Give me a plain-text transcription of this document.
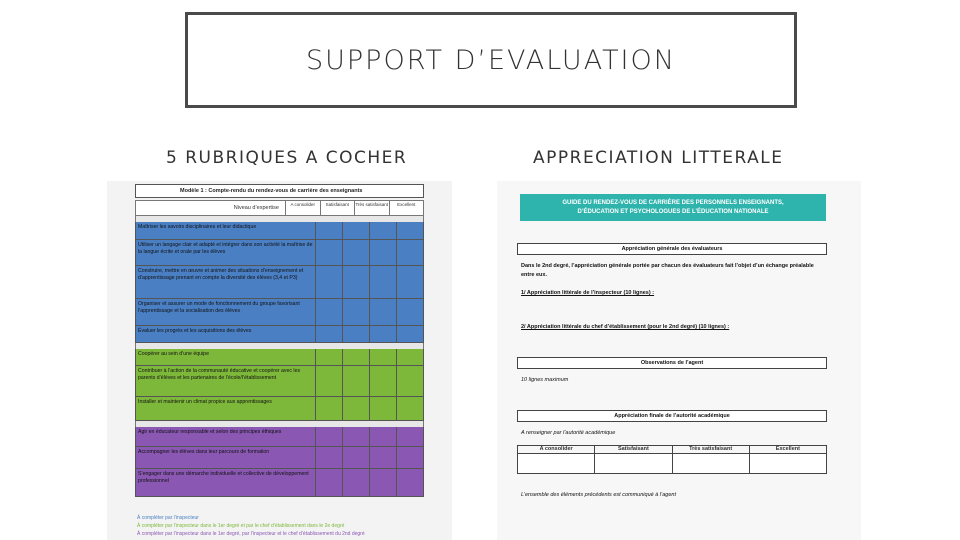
SUPPORT D’EVALUATION
5 RUBRIQUES A COCHER	APPRECIATION LITTERALE
Modèle 1 : Compte-rendu du rendez-vous de carrière des enseignants
Niveau d’expertise
A consolider	Satisfaisant	Très satisfaisant	Excellent
Maîtriser les savoirs disciplinaires et leur didactique
Utiliser un langage clair et adapté et intégrer dans son activité la maîtrise de la langue écrite et orale par les élèves
Construire, mettre en œuvre et animer des situations d’enseignement et d’apprentissage prenant en compte la diversité des élèves (3,4 et P3)
Organiser et assurer un mode de fonctionnement du groupe favorisant l’apprentissage et la socialisation des élèves
Évaluer les progrès et les acquisitions des élèves
Coopérer au sein d’une équipe
Contribuer à l’action de la communauté éducative et coopérer avec les parents d’élèves et les partenaires de l’école/l’établissement
Installer et maintenir un climat propice aux apprentissages
Agir en éducateur responsable et selon des principes éthiques
Accompagner les élèves dans leur parcours de formation
S’engager dans une démarche individuelle et collective de développement professionnel
À compléter par l’inspecteur
À compléter par l’inspecteur dans le 1er degré et par le chef d’établissement dans le 2e degré
À compléter par l’inspecteur dans le 1er degré, par l’inspecteur et le chef d’établissement du 2nd degré
GUIDE DU RENDEZ-VOUS DE CARRIÈRE DES PERSONNELS ENSEIGNANTS,
D’ÉDUCATION ET PSYCHOLOGUES DE L’ÉDUCATION NATIONALE
Appréciation générale des évaluateurs
Dans le 2nd degré, l’appréciation générale portée par chacun des évaluateurs fait l’objet d’un échange préalable entre eux.
1/ Appréciation littérale de l’inspecteur (10 lignes) :
2/ Appréciation littérale du chef d’établissement (pour le 2nd degré) (10 lignes) :
Observations de l’agent
10 lignes maximum
Appréciation finale de l’autorité académique
A renseigner par l’autorité académique
A consolider	Satisfaisant	Très satisfaisant	Excellent
L’ensemble des éléments précédents est communiqué à l’agent
